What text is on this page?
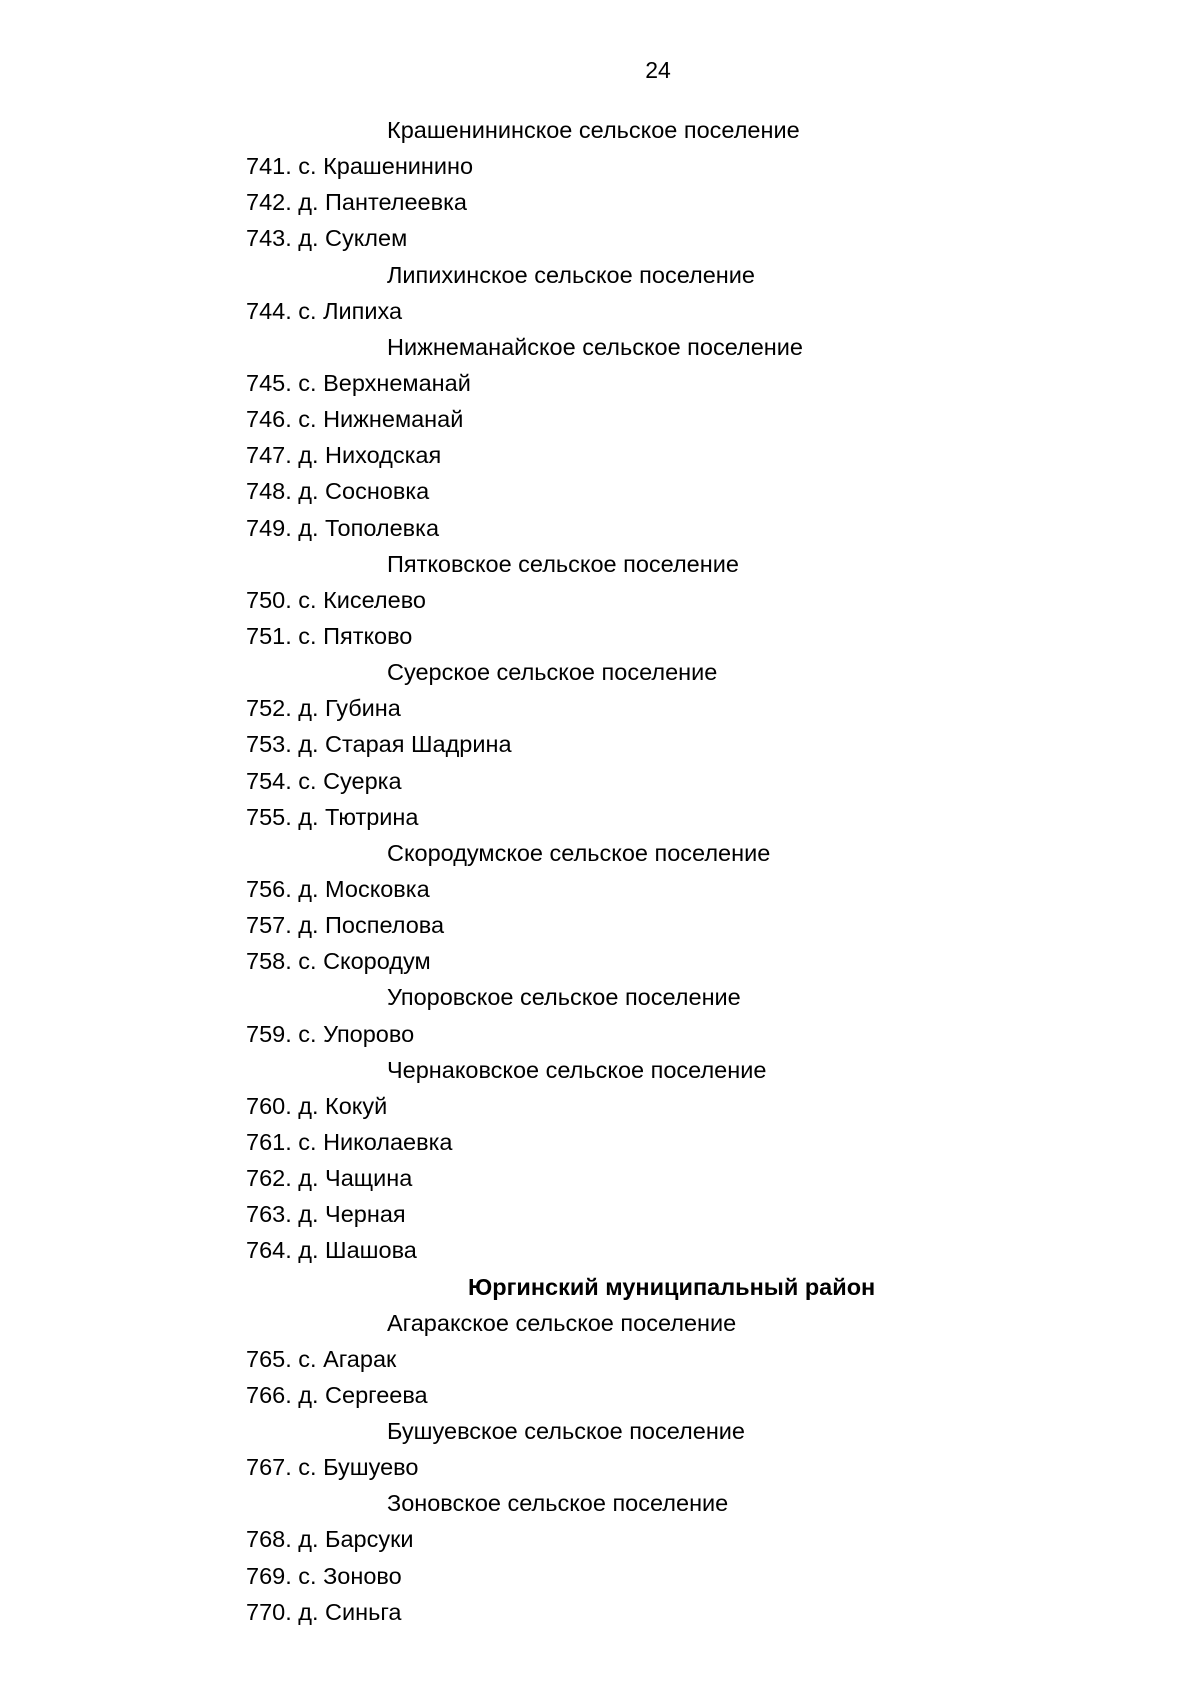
24
Крашенининское сельское поселение
741. с. Крашенинино
742. д. Пантелеевка
743. д. Суклем
Липихинское сельское поселение
744. с. Липиха
Нижнеманайское сельское поселение
745. с. Верхнеманай
746. с. Нижнеманай
747. д. Ниходская
748. д. Сосновка
749. д. Тополевка
Пятковское сельское поселение
750. с. Киселево
751. с. Пятково
Суерское сельское поселение
752. д. Губина
753. д. Старая Шадрина
754. с. Суерка
755. д. Тютрина
Скородумское сельское поселение
756. д. Московка
757. д. Поспелова
758. с. Скородум
Упоровское сельское поселение
759. с. Упорово
Чернаковское сельское поселение
760. д. Кокуй
761. с. Николаевка
762. д. Чащина
763. д. Черная
764. д. Шашова
Юргинский муниципальный район
Агаракское сельское поселение
765. с. Агарак
766. д. Сергеева
Бушуевское сельское поселение
767. с. Бушуево
Зоновское сельское поселение
768. д. Барсуки
769. с. Зоново
770. д. Синьга
